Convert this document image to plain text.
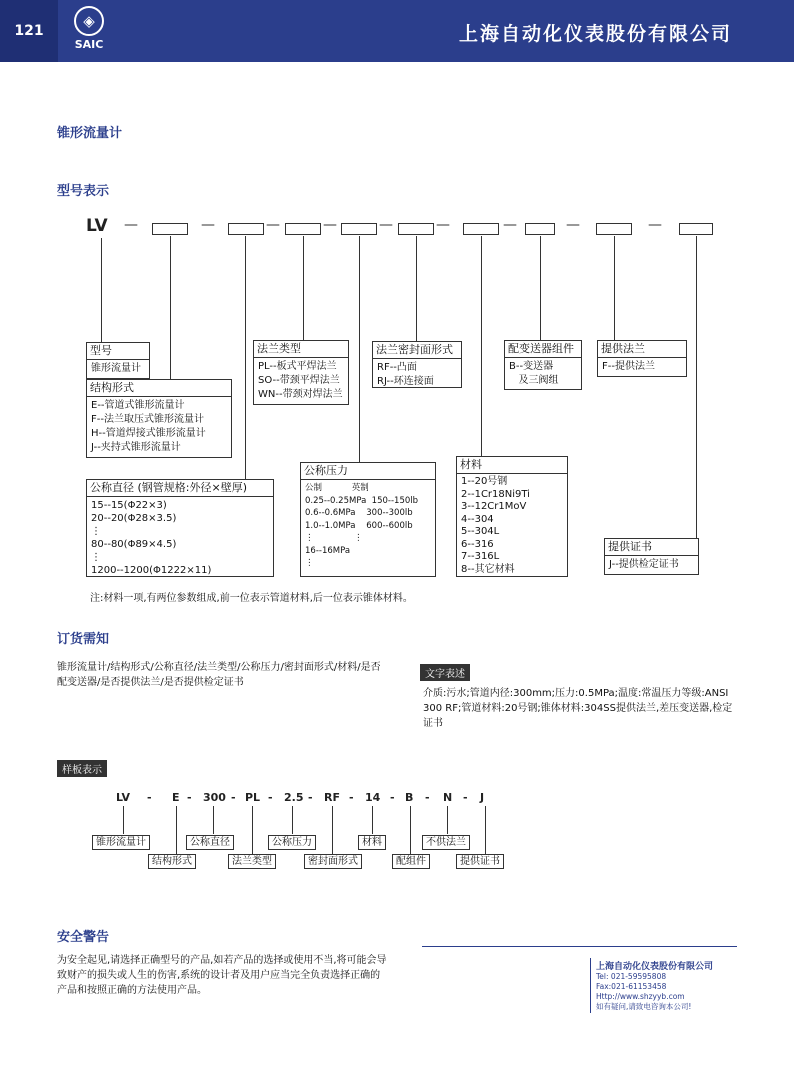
121
◈
SAIC	上海自动化仪表股份有限公司
锥形流量计
型号表示
LV —	—	—	—	—	—	—	—	—
型号
锥形流量计
结构形式
E--管道式锥形流量计
F--法兰取压式锥形流量计
H--管道焊接式锥形流量计
J--夹持式锥形流量计
公称直径 (钢管规格:外径×壁厚)
15--15(Φ22×3)
20--20(Φ28×3.5)
⋮
80--80(Φ89×4.5)
⋮
1200--1200(Φ1222×11)
法兰类型
PL--板式平焊法兰
SO--带颈平焊法兰
WN--带颈对焊法兰
公称压力
公制           英制
0.25--0.25MPa  150--150lb
0.6--0.6MPa    300--300lb
1.0--1.0MPa    600--600lb
⋮               ⋮
16--16MPa
⋮
法兰密封面形式
RF--凸面
RJ--环连接面
材料
1--20号钢
2--1Cr18Ni9Ti
3--12Cr1MoV
4--304
5--304L
6--316
7--316L
8--其它材料
配变送器组件
B--变送器
及三阀组
提供法兰
F--提供法兰
提供证书
J--提供检定证书
注:材料一项,有两位参数组成,前一位表示管道材料,后一位表示锥体材料。
订货需知
锥形流量计/结构形式/公称直径/法兰类型/公称压力/密封面形式/材料/是否配变送器/是否提供法兰/是否提供检定证书
文字表述
介质:污水;管道内径:300mm;压力:0.5MPa;温度:常温压力等级:ANSI 300 RF;管道材料:20号钢;锥体材料:304SS提供法兰,差压变送器,检定证书
样板表示
LV - E - 300 - PL - 2.5 - RF - 14 - B - N - J
锥形流量计
结构形式
公称直径
法兰类型
公称压力
密封面形式
材料
配组件
不供法兰
提供证书
安全警告
为安全起见,请选择正确型号的产品,如若产品的选择或使用不当,将可能会导致财产的损失或人生的伤害,系统的设计者及用户应当完全负责选择正确的产品和按照正确的方法使用产品。
上海自动化仪表股份有限公司
Tel: 021-59595808
Fax:021-61153458
Http://www.shzyyb.com
如有疑问,请致电咨询本公司!
